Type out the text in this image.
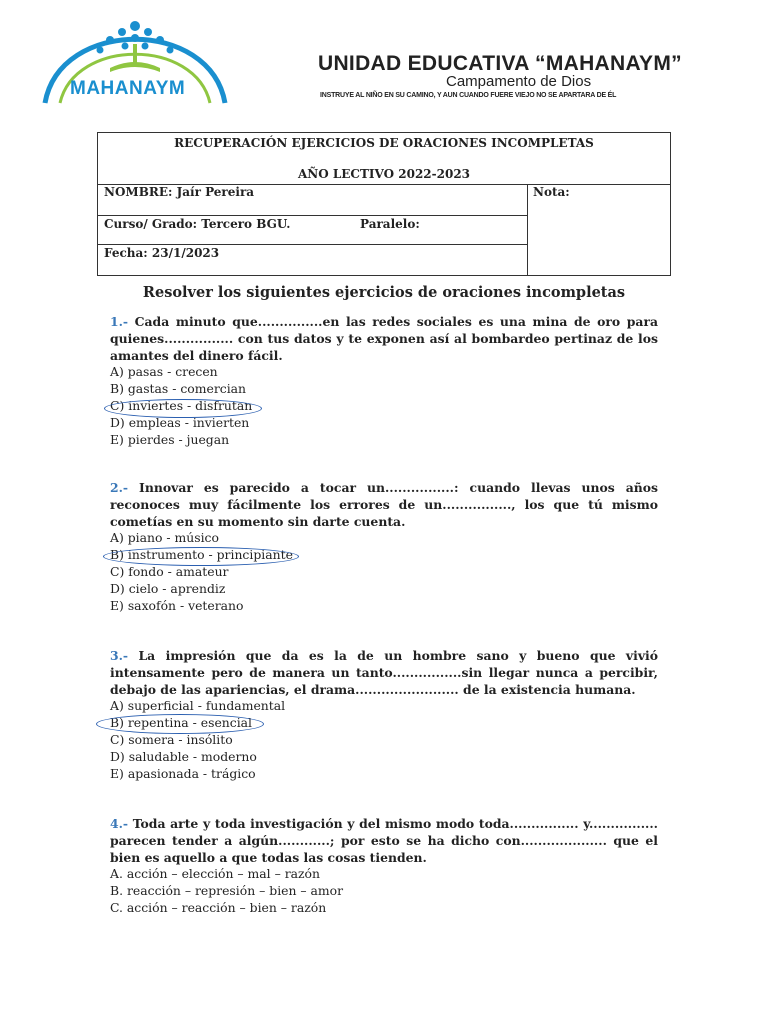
MAHANAYM
UNIDAD EDUCATIVA “MAHANAYM”
Campamento de Dios
INSTRUYE AL NIÑO EN SU CAMINO, Y AUN CUANDO FUERE VIEJO NO SE APARTARA DE ÉL
RECUPERACIÓN EJERCICIOS DE ORACIONES INCOMPLETAS
AÑO LECTIVO 2022-2023
NOMBRE: Jaír Pereira	Nota:
Curso/ Grado: Tercero BGU.	Paralelo:
Fecha: 23/1/2023
Resolver los siguientes ejercicios de oraciones incompletas
1.- Cada minuto que...............en las redes sociales es una mina de oro para quienes................ con tus datos y te exponen así al bombardeo pertinaz de los amantes del dinero fácil.
A) pasas - crecen
B) gastas - comercian
C) inviertes - disfrutan
D) empleas - invierten
E) pierdes - juegan
2.- Innovar es parecido a tocar un................: cuando llevas unos años reconoces muy fácilmente los errores de un................, los que tú mismo cometías en su momento sin darte cuenta.
A) piano - músico
B) instrumento - principiante
C) fondo - amateur
D) cielo - aprendiz
E) saxofón - veterano
3.- La impresión que da es la de un hombre sano y bueno que vivió intensamente pero de manera un tanto................sin llegar nunca a percibir, debajo de las apariencias, el drama........................ de la existencia humana.
A) superficial - fundamental
B) repentina - esencial
C) somera - insólito
D) saludable - moderno
E) apasionada - trágico
4.- Toda arte y toda investigación y del mismo modo toda................ y................ parecen tender a algún............; por esto se ha dicho con.................... que el bien es aquello a que todas las cosas tienden.
A. acción – elección – mal – razón
B. reacción – represión – bien – amor
C. acción – reacción – bien – razón
